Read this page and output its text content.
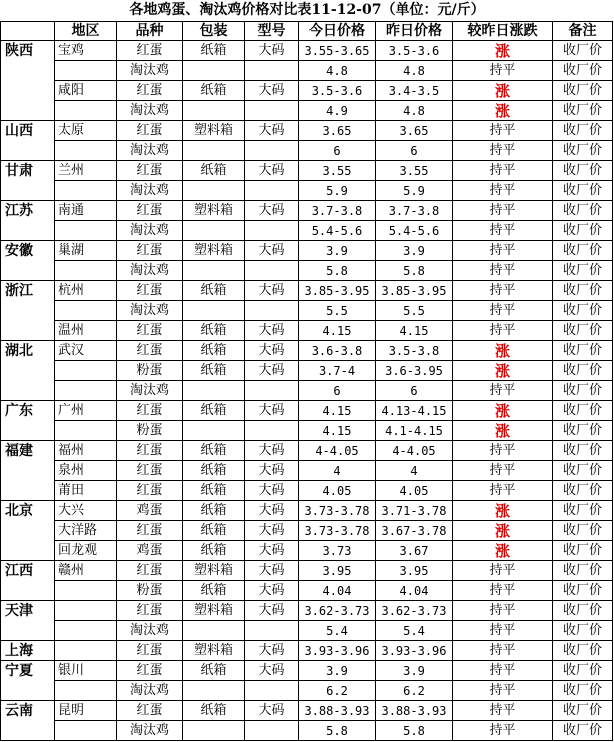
各地鸡蛋、淘汰鸡价格对比表11-12-07（单位：元/斤）
	地区	品种	包装	型号	今日价格	昨日价格	较昨日涨跌	备注
陕西	宝鸡	红蛋	纸箱	大码	3.55-3.65	3.5-3.6	涨	收厂价
		淘汰鸡			4.8	4.8	持平	收厂价
	咸阳	红蛋	纸箱	大码	3.5-3.6	3.4-3.5	涨	收厂价
		淘汰鸡			4.9	4.8	涨	收厂价
山西	太原	红蛋	塑料箱	大码	3.65	3.65	持平	收厂价
		淘汰鸡			6	6	持平	收厂价
甘肃	兰州	红蛋	纸箱	大码	3.55	3.55	持平	收厂价
		淘汰鸡			5.9	5.9	持平	收厂价
江苏	南通	红蛋	塑料箱	大码	3.7-3.8	3.7-3.8	持平	收厂价
		淘汰鸡			5.4-5.6	5.4-5.6	持平	收厂价
安徽	巢湖	红蛋	塑料箱	大码	3.9	3.9	持平	收厂价
		淘汰鸡			5.8	5.8	持平	收厂价
浙江	杭州	红蛋	纸箱	大码	3.85-3.95	3.85-3.95	持平	收厂价
		淘汰鸡			5.5	5.5	持平	收厂价
	温州	红蛋	纸箱	大码	4.15	4.15	持平	收厂价
湖北	武汉	红蛋	纸箱	大码	3.6-3.8	3.5-3.8	涨	收厂价
		粉蛋	纸箱	大码	3.7-4	3.6-3.95	涨	收厂价
		淘汰鸡			6	6	持平	收厂价
广东	广州	红蛋	纸箱	大码	4.15	4.13-4.15	涨	收厂价
		粉蛋			4.15	4.1-4.15	涨	收厂价
福建	福州	红蛋	纸箱	大码	4-4.05	4-4.05	持平	收厂价
	泉州	红蛋	纸箱	大码	4	4	持平	收厂价
	莆田	红蛋	纸箱	大码	4.05	4.05	持平	收厂价
北京	大兴	鸡蛋	纸箱	大码	3.73-3.78	3.71-3.78	涨	收厂价
	大洋路	红蛋	纸箱	大码	3.73-3.78	3.67-3.78	涨	收厂价
	回龙观	鸡蛋	纸箱	大码	3.73	3.67	涨	收厂价
江西	赣州	红蛋	塑料箱	大码	3.95	3.95	持平	收厂价
		粉蛋	纸箱	大码	4.04	4.04	持平	收厂价
天津		红蛋	塑料箱	大码	3.62-3.73	3.62-3.73	持平	收厂价
		淘汰鸡			5.4	5.4	持平	收厂价
上海		红蛋	塑料箱	大码	3.93-3.96	3.93-3.96	持平	收厂价
宁夏	银川	红蛋	纸箱	大码	3.9	3.9	持平	收厂价
		淘汰鸡			6.2	6.2	持平	收厂价
云南	昆明	红蛋	纸箱	大码	3.88-3.93	3.88-3.93	持平	收厂价
		淘汰鸡			5.8	5.8	持平	收厂价
